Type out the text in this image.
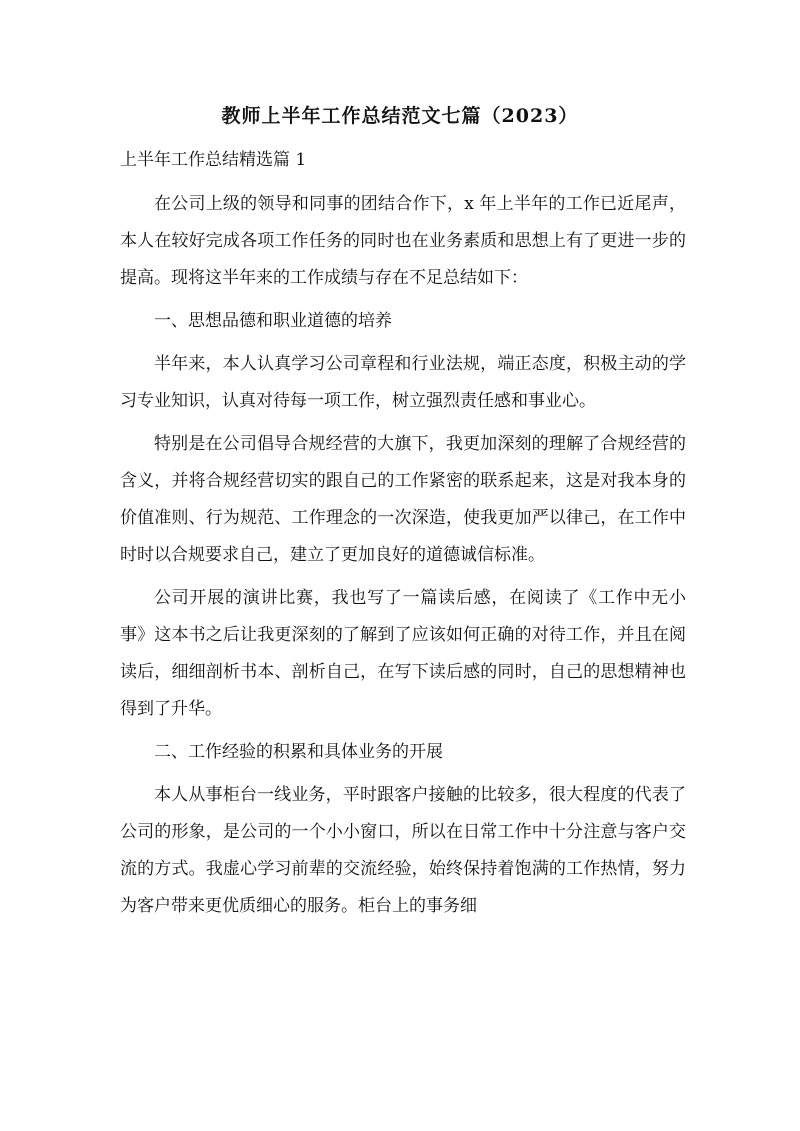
教师上半年工作总结范文七篇（2023）
上半年工作总结精选篇 1

在公司上级的领导和同事的团结合作下，x 年上半年的工作已近尾声，本人在较好完成各项工作任务的同时也在业务素质和思想上有了更进一步的提高。现将这半年来的工作成绩与存在不足总结如下：

一、思想品德和职业道德的培养

半年来，本人认真学习公司章程和行业法规，端正态度，积极主动的学习专业知识，认真对待每一项工作，树立强烈责任感和事业心。

特别是在公司倡导合规经营的大旗下，我更加深刻的理解了合规经营的含义，并将合规经营切实的跟自己的工作紧密的联系起来，这是对我本身的价值准则、行为规范、工作理念的一次深造，使我更加严以律己，在工作中时时以合规要求自己，建立了更加良好的道德诚信标准。

公司开展的演讲比赛，我也写了一篇读后感，在阅读了《工作中无小事》这本书之后让我更深刻的了解到了应该如何正确的对待工作，并且在阅读后，细细剖析书本、剖析自己，在写下读后感的同时，自己的思想精神也得到了升华。

二、工作经验的积累和具体业务的开展

本人从事柜台一线业务，平时跟客户接触的比较多，很大程度的代表了公司的形象，是公司的一个小小窗口，所以在日常工作中十分注意与客户交流的方式。我虚心学习前辈的交流经验，始终保持着饱满的工作热情，努力为客户带来更优质细心的服务。柜台上的事务细
